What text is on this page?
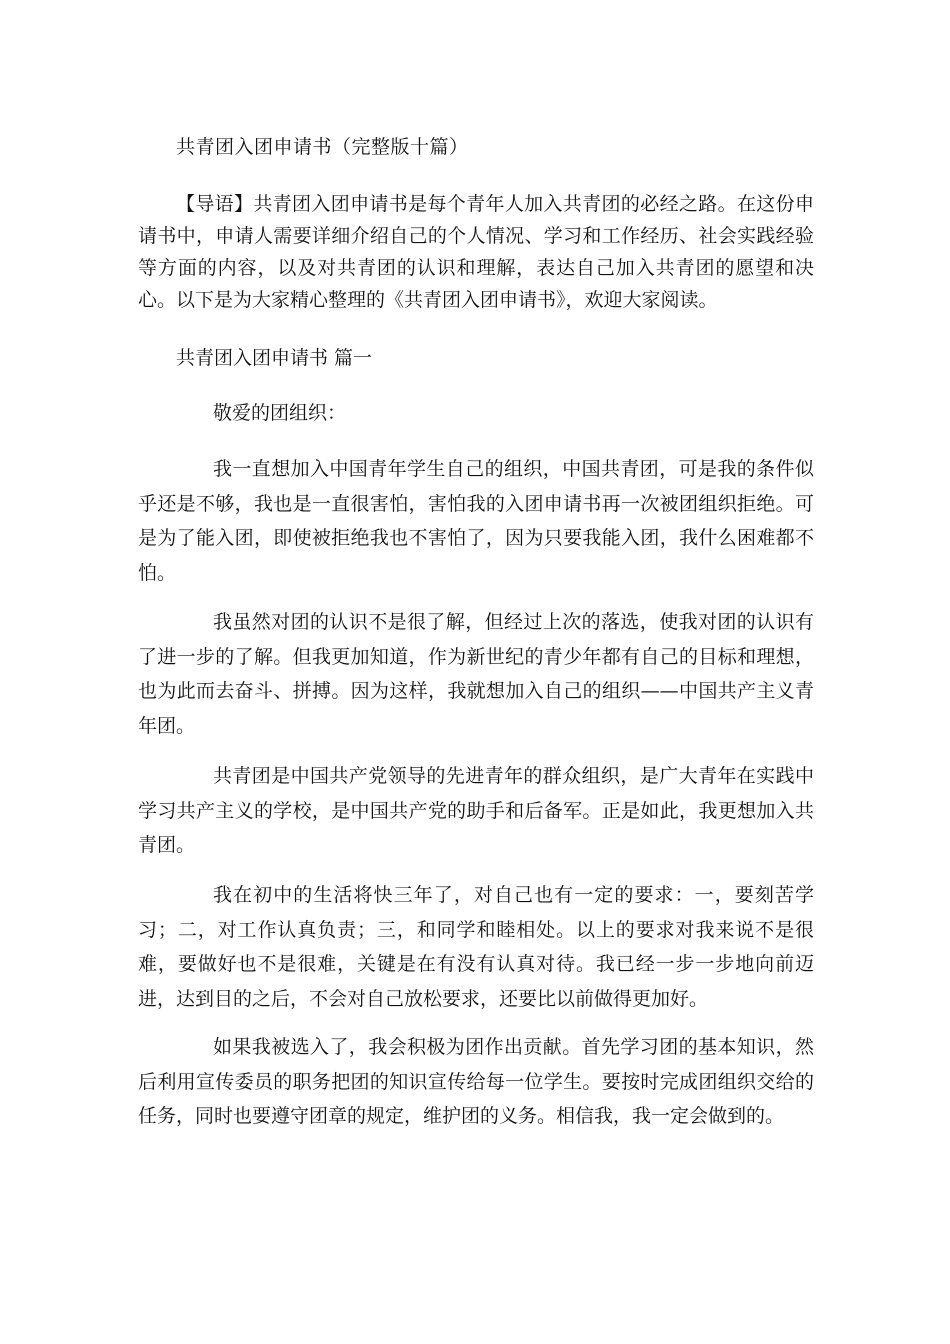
共青团入团申请书（完整版十篇）
【导语】共青团入团申请书是每个青年人加入共青团的必经之路。在这份申请书中，申请人需要详细介绍自己的个人情况、学习和工作经历、社会实践经验等方面的内容，以及对共青团的认识和理解，表达自己加入共青团的愿望和决心。以下是为大家精心整理的《共青团入团申请书》，欢迎大家阅读。
共青团入团申请书 篇一
敬爱的团组织：
我一直想加入中国青年学生自己的组织，中国共青团，可是我的条件似乎还是不够，我也是一直很害怕，害怕我的入团申请书再一次被团组织拒绝。可是为了能入团，即使被拒绝我也不害怕了，因为只要我能入团，我什么困难都不怕。
我虽然对团的认识不是很了解，但经过上次的落选，使我对团的认识有了进一步的了解。但我更加知道，作为新世纪的青少年都有自己的目标和理想，也为此而去奋斗、拼搏。因为这样，我就想加入自己的组织——中国共产主义青年团。
共青团是中国共产党领导的先进青年的群众组织，是广大青年在实践中学习共产主义的学校，是中国共产党的助手和后备军。正是如此，我更想加入共青团。
我在初中的生活将快三年了，对自己也有一定的要求：一，要刻苦学习；二，对工作认真负责；三，和同学和睦相处。以上的要求对我来说不是很难，要做好也不是很难，关键是在有没有认真对待。我已经一步一步地向前迈进，达到目的之后，不会对自己放松要求，还要比以前做得更加好。
如果我被选入了，我会积极为团作出贡献。首先学习团的基本知识，然后利用宣传委员的职务把团的知识宣传给每一位学生。要按时完成团组织交给的任务，同时也要遵守团章的规定，维护团的义务。相信我，我一定会做到的。
